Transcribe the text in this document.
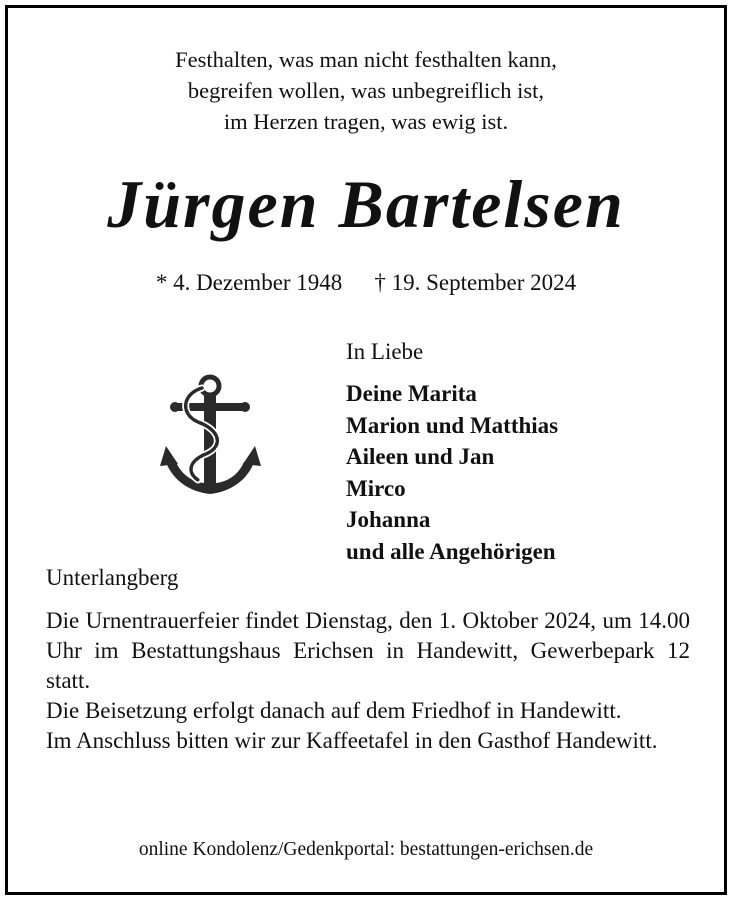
Festhalten, was man nicht festhalten kann,
begreifen wollen, was unbegreiflich ist,
im Herzen tragen, was ewig ist.
Jürgen Bartelsen
* 4. Dezember 1948 † 19. September 2024
In Liebe
Deine Marita
Marion und Matthias
Aileen und Jan
Mirco
Johanna
und alle Angehörigen
Unterlangberg

Die Urnentrauerfeier findet Dienstag, den 1. Oktober 2024, um 14.00 Uhr im Bestattungshaus Erichsen in Handewitt, Gewerbepark 12 statt.

Die Beisetzung erfolgt danach auf dem Friedhof in Handewitt.

Im Anschluss bitten wir zur Kaffeetafel in den Gasthof Handewitt.

online Kondolenz/Gedenkportal: bestattungen-erichsen.de
